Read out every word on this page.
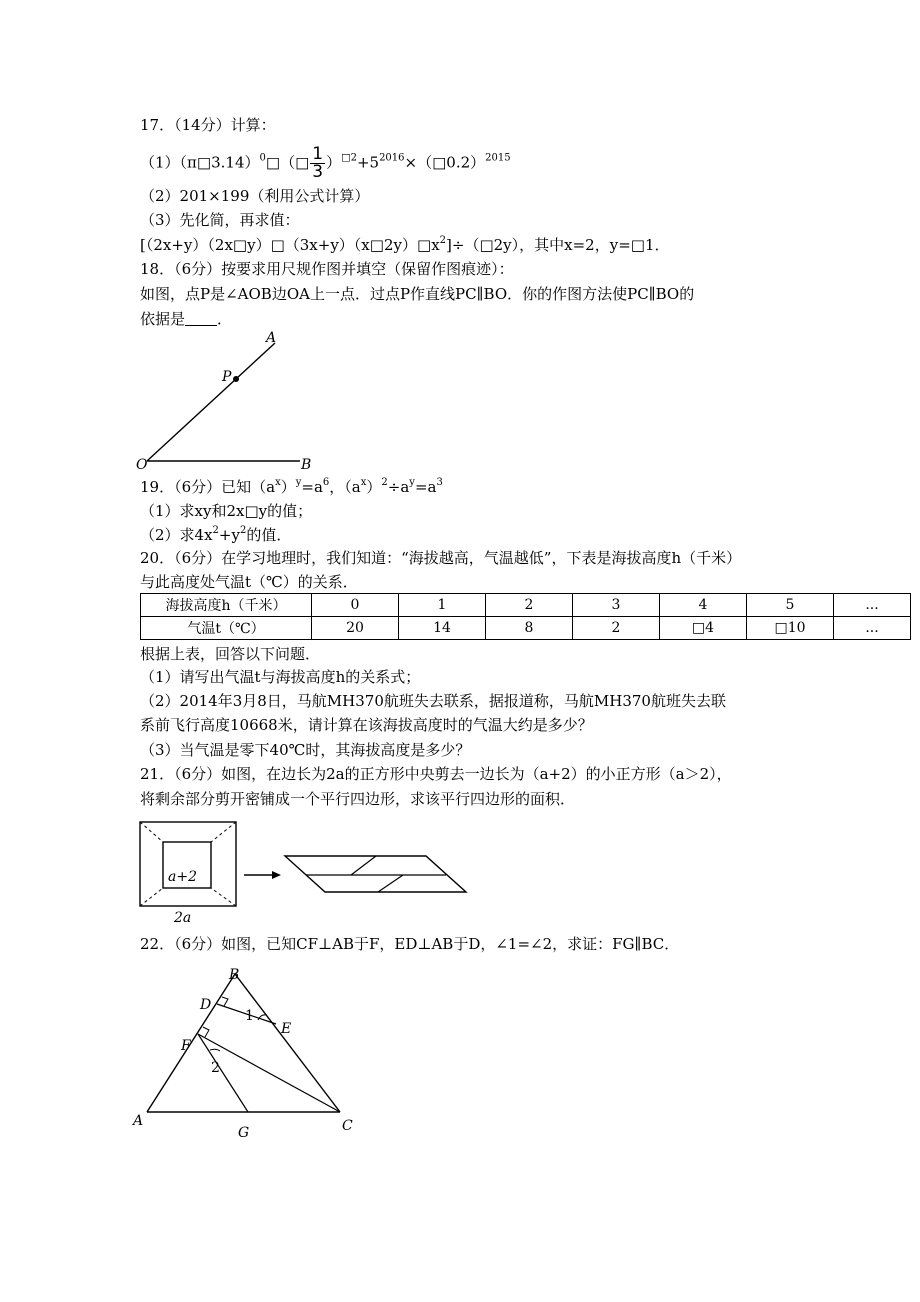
17．（14分）计算：
（1）（π□3.14）$^0$□（□ $\frac{1}{3}$ ）$^{□2}+5^{2016}\times(□0.2)^{2015}$
（2）201×199（利用公式计算）
（3）先化简，再求值：
$[(2x+y)(2x□y)□(3x+y)(x□2y)□x^2]\div(□2y)$，其中x=2，y=□1．
18．（6分）按要求用尺规作图并填空（保留作图痕迹）：
如图，点P是∠AOB边OA上一点．过点P作直线PC∥BO．你的作图方法使PC∥BO的
依据是 ．
A
P
O	B
19．（6分）已知$(a^x)^y=a^6$，$(a^x)^2\div a^y=a^3$
（1）求xy和2x□y的值；
（2）求$4x^2+y^2$的值．
20．（6分）在学习地理时，我们知道：“海拔越高，气温越低”，下表是海拔高度h（千米）
与此高度处气温t（℃）的关系．
海拔高度h（千米）	0	1	2	3	4	5	...
气温t（℃）	20	14	8	2	□4	□10	...
根据上表，回答以下问题．
（1）请写出气温t与海拔高度h的关系式；
（2）2014年3月8日，马航MH370航班失去联系，据报道称，马航MH370航班失去联
系前飞行高度10668米，请计算在该海拔高度时的气温大约是多少？
（3）当气温是零下40℃时，其海拔高度是多少？
21．（6分）如图，在边长为2a的正方形中央剪去一边长为（a+2）的小正方形（a＞2），
将剩余部分剪开密铺成一个平行四边形，求该平行四边形的面积．
a+2
2a
22．（6分）如图，已知CF⊥AB于F，ED⊥AB于D，∠1=∠2，求证：FG∥BC．
B
D
E
F
A
G	C
1
2
